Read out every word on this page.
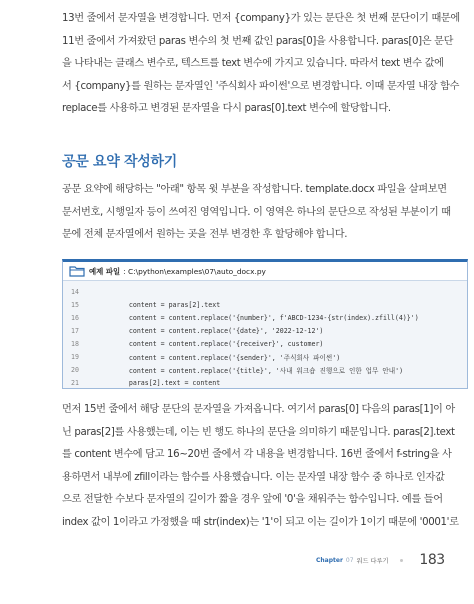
13번 줄에서 문자열을 변경합니다. 먼저 {company}가 있는 문단은 첫 번째 문단이기 때문에
11번 줄에서 가져왔던 paras 변수의 첫 번째 값인 paras[0]을 사용합니다. paras[0]은 문단
을 나타내는 클래스 변수로, 텍스트를 text 변수에 가지고 있습니다. 따라서 text 변수 값에
서 {company}를 원하는 문자열인 '주식회사 파이썬'으로 변경합니다. 이때 문자열 내장 함수
replace를 사용하고 변경된 문자열을 다시 paras[0].text 변수에 할당합니다.
공문 요약 작성하기
공문 요약에 해당하는 "아래" 항목 윗 부분을 작성합니다. template.docx 파일을 살펴보면
문서번호, 시행일자 등이 쓰여진 영역입니다. 이 영역은 하나의 문단으로 작성된 부분이기 때
문에 전체 문자열에서 원하는 곳을 전부 변경한 후 할당해야 합니다.
예제 파일 : C:\python\examples\07\auto_docx.py
14
15	content = paras[2].text
16	content = content.replace('{number}', f'ABCD-1234-{str(index).zfill(4)}')
17	content = content.replace('{date}', '2022-12-12')
18	content = content.replace('{receiver}', customer)
19	content = content.replace('{sender}', '주식회사 파이썬')
20	content = content.replace('{title}', '사내 워크숍 진행으로 인한 업무 안내')
21	paras[2].text = content
먼저 15번 줄에서 해당 문단의 문자열을 가져옵니다. 여기서 paras[0] 다음의 paras[1]이 아
닌 paras[2]를 사용했는데, 이는 빈 행도 하나의 문단을 의미하기 때문입니다. paras[2].text
를 content 변수에 담고 16~20번 줄에서 각 내용을 변경합니다. 16번 줄에서 f-string을 사
용하면서 내부에 zfill이라는 함수를 사용했습니다. 이는 문자열 내장 함수 중 하나로 인자값
으로 전달한 수보다 문자열의 길이가 짧을 경우 앞에 '0'을 채워주는 함수입니다. 예를 들어
index 값이 1이라고 가정했을 때 str(index)는 '1'이 되고 이는 길이가 1이기 때문에 '0001'로
Chapter 07 워드 다루기 183
